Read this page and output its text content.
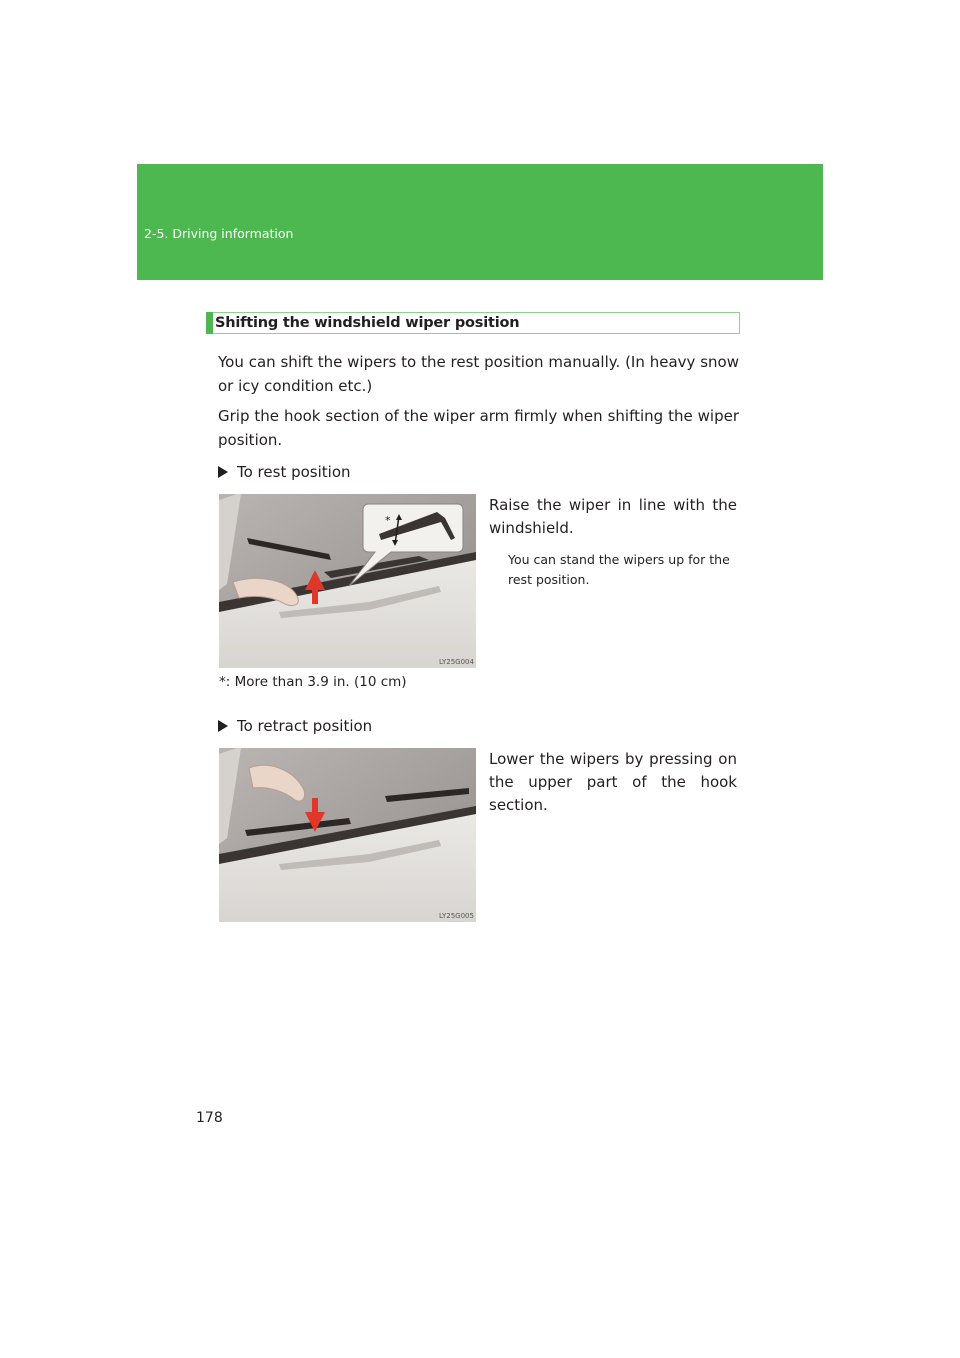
2-5. Driving information
Shifting the windshield wiper position
You can shift the wipers to the rest position manually. (In heavy snow or icy condition etc.)
Grip the hook section of the wiper arm firmly when shifting the wiper position.
To rest position
*
LY25G004
Raise the wiper in line with the windshield.
You can stand the wipers up for the rest position.
*: More than 3.9 in. (10 cm)
To retract position
LY25G005
Lower the wipers by pressing on the upper part of the hook section.
178
